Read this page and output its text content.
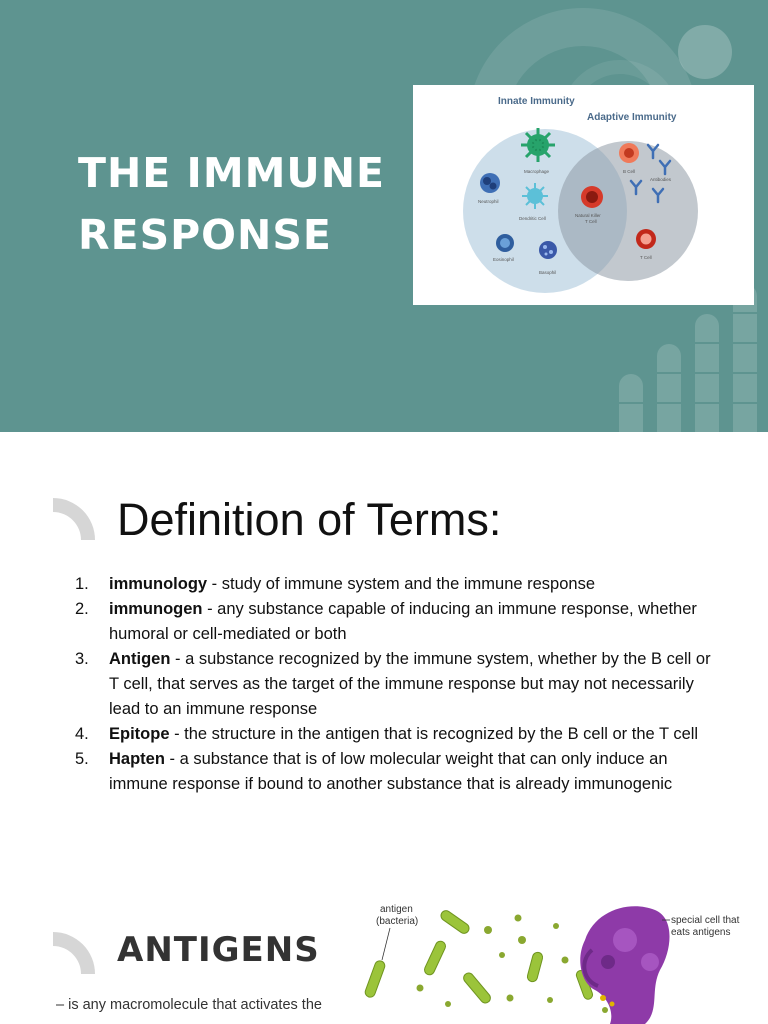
THE IMMUNE
RESPONSE
Innate Immunity
Adaptive Immunity
Macrophage
Neutrophil
Dendritic Cell
Eosinophil
Basophil
Natural Killer
T Cell
B Cell
Antibodies
T Cell
Definition of Terms:
1. immunology - study of immune system and the immune response
2. immunogen - any substance capable of inducing an immune response, whether humoral or cell-mediated or both
3. Antigen - a substance recognized by the immune system, whether by the B cell or T cell, that serves as the target of the immune response but may not necessarily lead to an immune response
4. Epitope - the structure in the antigen that is recognized by the B cell or the T cell
5. Hapten - a substance that is of low molecular weight that can only induce an immune response if bound to another substance that is already immunogenic
ANTIGENS
– is any macromolecule that activates the
antigen
(bacteria)	special cell that
eats antigens
